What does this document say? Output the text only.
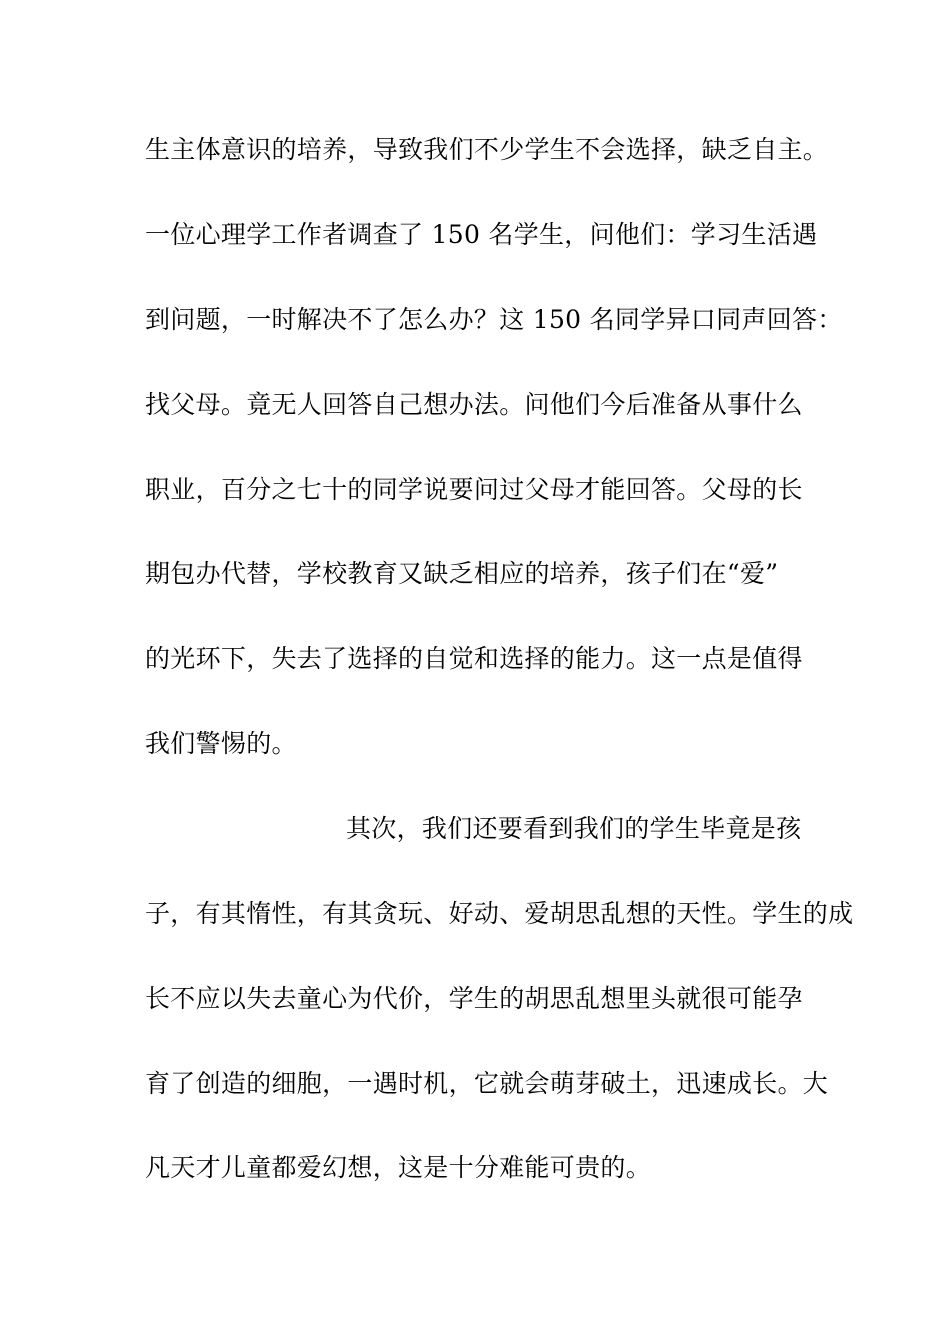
生主体意识的培养，导致我们不少学生不会选择，缺乏自主。
一位心理学工作者调查了 150 名学生，问他们：学习生活遇
到问题，一时解决不了怎么办？这 150 名同学异口同声回答：
找父母。竟无人回答自己想办法。问他们今后准备从事什么
职业，百分之七十的同学说要问过父母才能回答。父母的长
期包办代替，学校教育又缺乏相应的培养，孩子们在“爱”
的光环下，失去了选择的自觉和选择的能力。这一点是值得
我们警惕的。
其次，我们还要看到我们的学生毕竟是孩
子，有其惰性，有其贪玩、好动、爱胡思乱想的天性。学生的成
长不应以失去童心为代价，学生的胡思乱想里头就很可能孕
育了创造的细胞，一遇时机，它就会萌芽破土，迅速成长。大
凡天才儿童都爱幻想，这是十分难能可贵的。
